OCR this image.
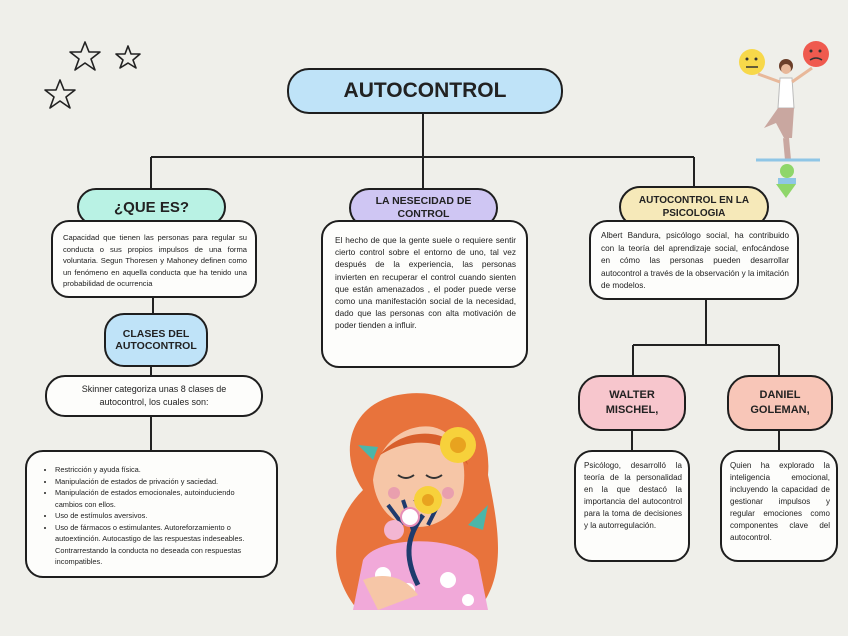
AUTOCONTROL
¿QUE ES?
Capacidad que tienen las personas para regular su conducta o sus propios impulsos de una forma voluntaria. Segun Thoresen y Mahoney definen como un fenómeno en aquella conducta que ha tenido una probabilidad de ocurrencia
CLASES DEL AUTOCONTROL
Skinner categoriza unas 8 clases de autocontrol, los cuales son:
• Restricción y ayuda física.
• Manipulación de estados de privación y saciedad.
• Manipulación de estados emocionales, autoinduciendo cambios con ellos.
• Uso de estímulos aversivos.
• Uso de fármacos o estimulantes. Autoreforzamiento o autoextinción. Autocastigo de las respuestas indeseables. Contrarrestando la conducta no deseada con respuestas incompatibles.
LA NESECIDAD DE CONTROL
El hecho de que la gente suele o requiere sentir cierto control sobre el entorno de uno, tal vez después de la experiencia, las personas invierten en recuperar el control cuando sienten que están amenazados , el poder puede verse como una manifestación social de la necesidad, dado que las personas con alta motivación de poder tienden a influir.
AUTOCONTROL EN LA PSICOLOGIA
Albert Bandura, psicólogo social, ha contribuido con la teoría del aprendizaje social, enfocándose en cómo las personas pueden desarrollar autocontrol a través de la observación y la imitación de modelos.
WALTER MISCHEL,
Psicólogo, desarrolló la teoría de la personalidad en la que destacó la importancia del autocontrol para la toma de decisiones y la autorregulación.
DANIEL GOLEMAN,
Quien ha explorado la inteligencia emocional, incluyendo la capacidad de gestionar impulsos y regular emociones como componentes clave del autocontrol.
